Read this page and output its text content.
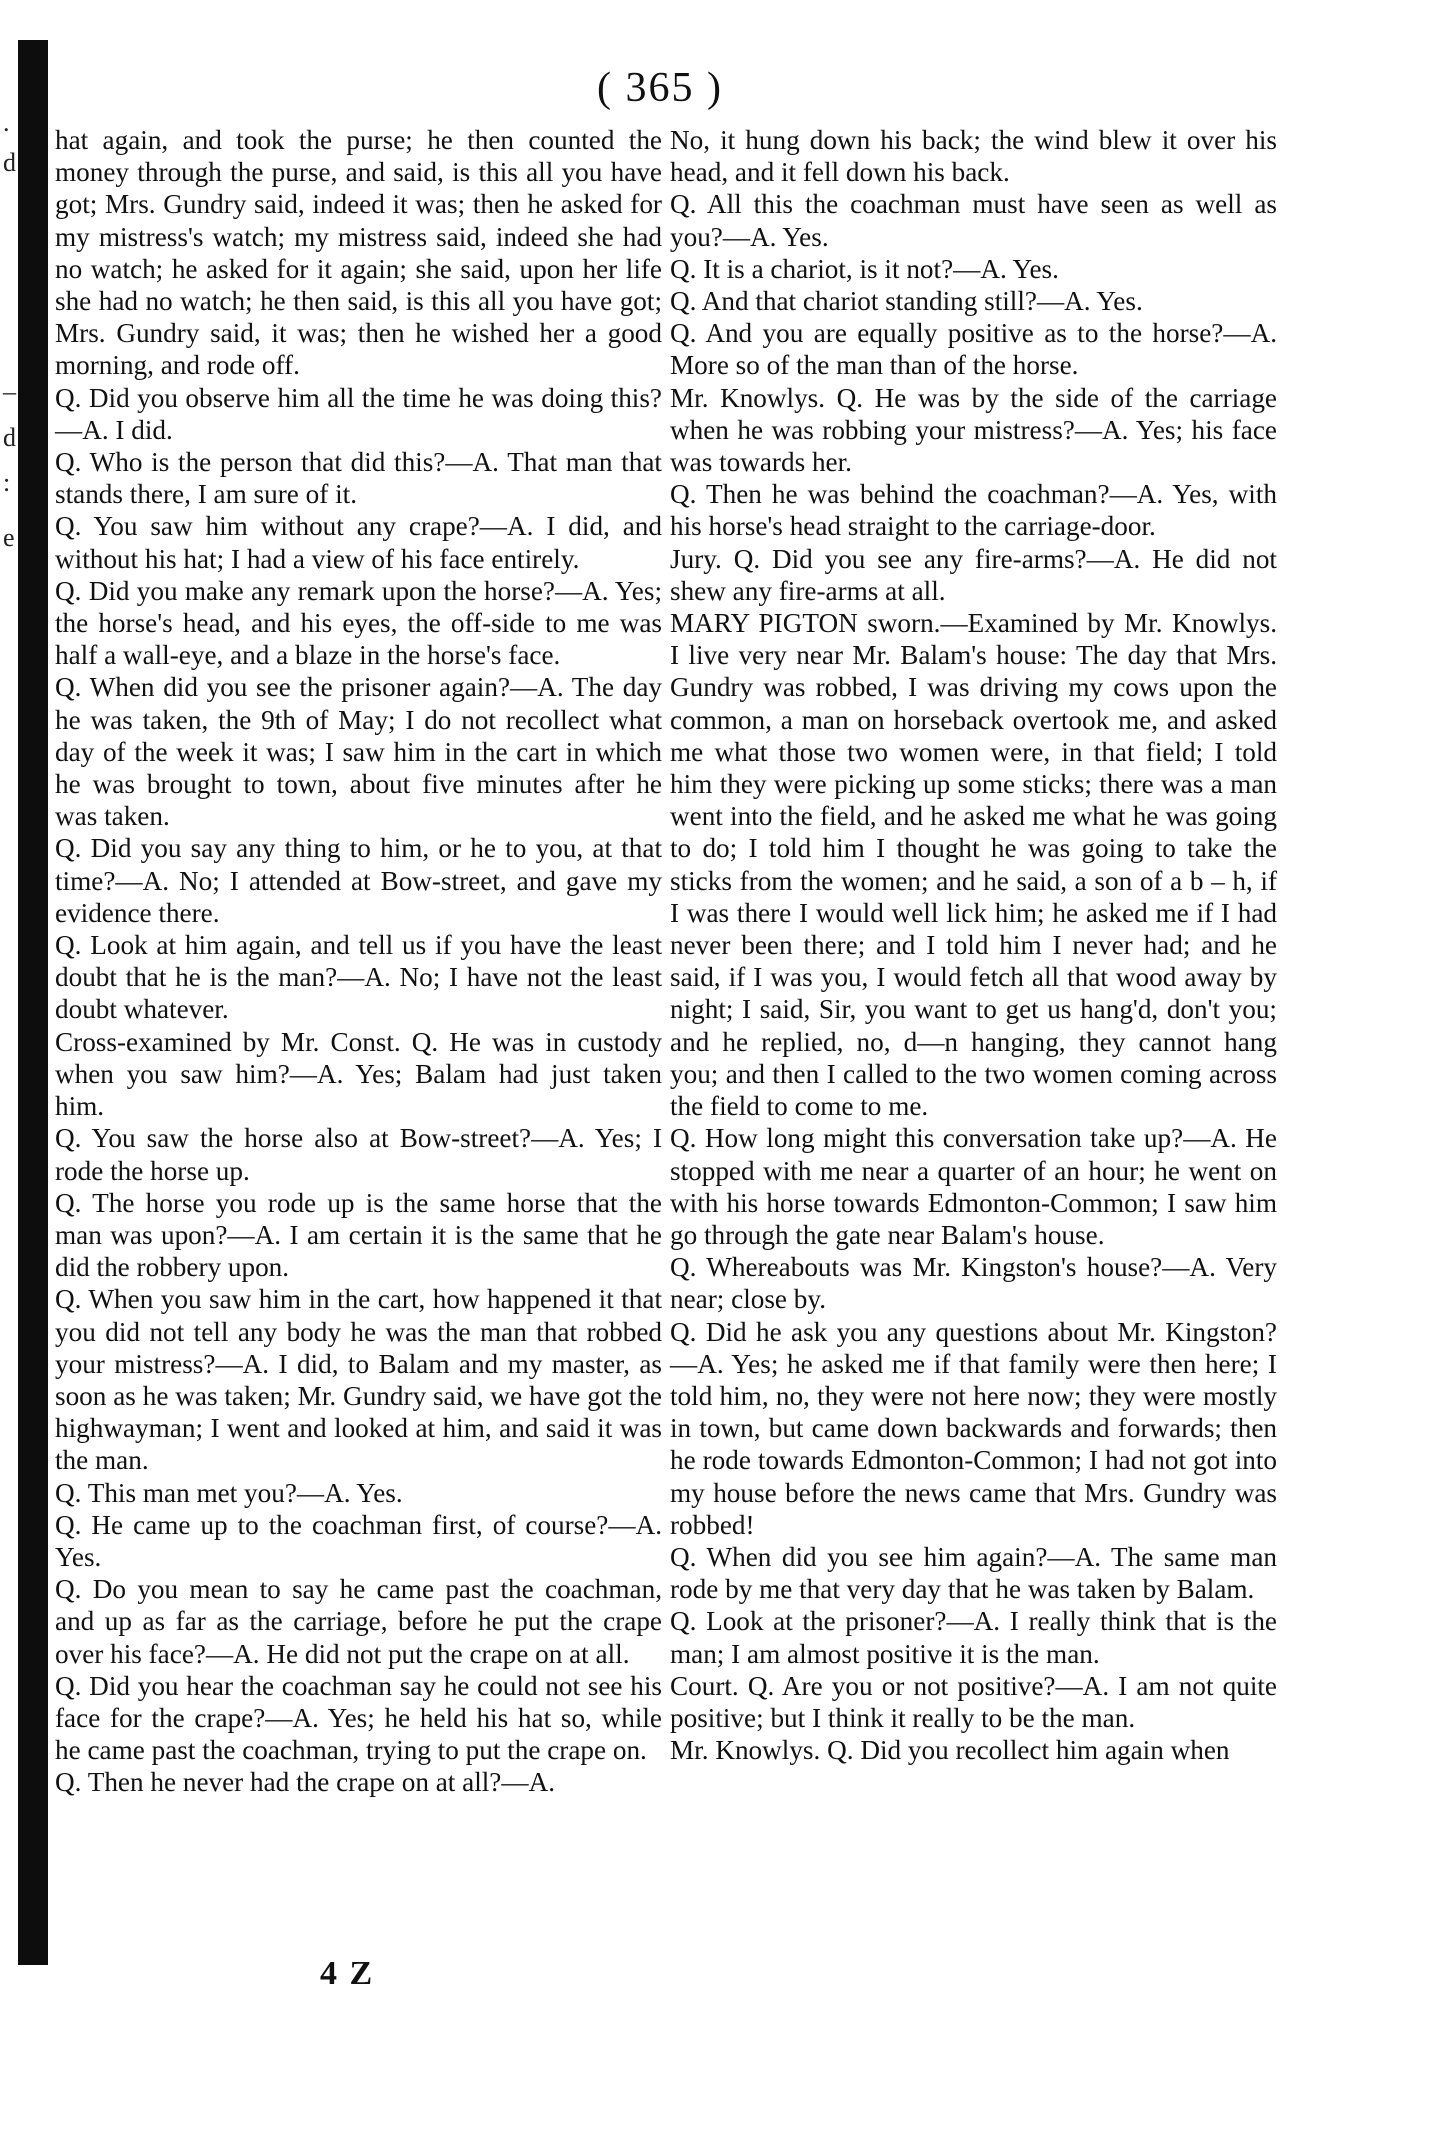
.
d
_
d
:
e
( 365 )

hat again, and took the purse; he then counted the money through the purse, and said, is this all you have got; Mrs. Gundry said, indeed it was; then he asked for my mistress's watch; my mistress said, indeed she had no watch; he asked for it again; she said, upon her life she had no watch; he then said, is this all you have got; Mrs. Gundry said, it was; then he wished her a good morning, and rode off.

Q. Did you observe him all the time he was doing this?—A. I did.

Q. Who is the person that did this?—A. That man that stands there, I am sure of it.

Q. You saw him without any crape?—A. I did, and without his hat; I had a view of his face entirely.

Q. Did you make any remark upon the horse?—A. Yes; the horse's head, and his eyes, the off-side to me was half a wall-eye, and a blaze in the horse's face.

Q. When did you see the prisoner again?—A. The day he was taken, the 9th of May; I do not recollect what day of the week it was; I saw him in the cart in which he was brought to town, about five minutes after he was taken.

Q. Did you say any thing to him, or he to you, at that time?—A. No; I attended at Bow-street, and gave my evidence there.

Q. Look at him again, and tell us if you have the least doubt that he is the man?—A. No; I have not the least doubt whatever.

Cross-examined by Mr. Const. Q. He was in custody when you saw him?—A. Yes; Balam had just taken him.

Q. You saw the horse also at Bow-street?—A. Yes; I rode the horse up.

Q. The horse you rode up is the same horse that the man was upon?—A. I am certain it is the same that he did the robbery upon.

Q. When you saw him in the cart, how happened it that you did not tell any body he was the man that robbed your mistress?—A. I did, to Balam and my master, as soon as he was taken; Mr. Gundry said, we have got the highwayman; I went and looked at him, and said it was the man.

Q. This man met you?—A. Yes.

Q. He came up to the coachman first, of course?—A. Yes.

Q. Do you mean to say he came past the coachman, and up as far as the carriage, before he put the crape over his face?—A. He did not put the crape on at all.

Q. Did you hear the coachman say he could not see his face for the crape?—A. Yes; he held his hat so, while he came past the coachman, trying to put the crape on.

Q. Then he never had the crape on at all?—A.

No, it hung down his back; the wind blew it over his head, and it fell down his back.

Q. All this the coachman must have seen as well as you?—A. Yes.

Q. It is a chariot, is it not?—A. Yes.

Q. And that chariot standing still?—A. Yes.

Q. And you are equally positive as to the horse?—A. More so of the man than of the horse.

Mr. Knowlys. Q. He was by the side of the carriage when he was robbing your mistress?—A. Yes; his face was towards her.

Q. Then he was behind the coachman?—A. Yes, with his horse's head straight to the carriage-door.

Jury. Q. Did you see any fire-arms?—A. He did not shew any fire-arms at all.

MARY PIGTON sworn.—Examined by Mr. Knowlys. I live very near Mr. Balam's house: The day that Mrs. Gundry was robbed, I was driving my cows upon the common, a man on horseback overtook me, and asked me what those two women were, in that field; I told him they were picking up some sticks; there was a man went into the field, and he asked me what he was going to do; I told him I thought he was going to take the sticks from the women; and he said, a son of a b – h, if I was there I would well lick him; he asked me if I had never been there; and I told him I never had; and he said, if I was you, I would fetch all that wood away by night; I said, Sir, you want to get us hang'd, don't you; and he replied, no, d—n hanging, they cannot hang you; and then I called to the two women coming across the field to come to me.

Q. How long might this conversation take up?—A. He stopped with me near a quarter of an hour; he went on with his horse towards Edmonton-Common; I saw him go through the gate near Balam's house.

Q. Whereabouts was Mr. Kingston's house?—A. Very near; close by.

Q. Did he ask you any questions about Mr. Kingston?—A. Yes; he asked me if that family were then here; I told him, no, they were not here now; they were mostly in town, but came down backwards and forwards; then he rode towards Edmonton-Common; I had not got into my house before the news came that Mrs. Gundry was robbed!

Q. When did you see him again?—A. The same man rode by me that very day that he was taken by Balam.

Q. Look at the prisoner?—A. I really think that is the man; I am almost positive it is the man.

Court. Q. Are you or not positive?—A. I am not quite positive; but I think it really to be the man.

Mr. Knowlys. Q. Did you recollect him again when

4 Z
